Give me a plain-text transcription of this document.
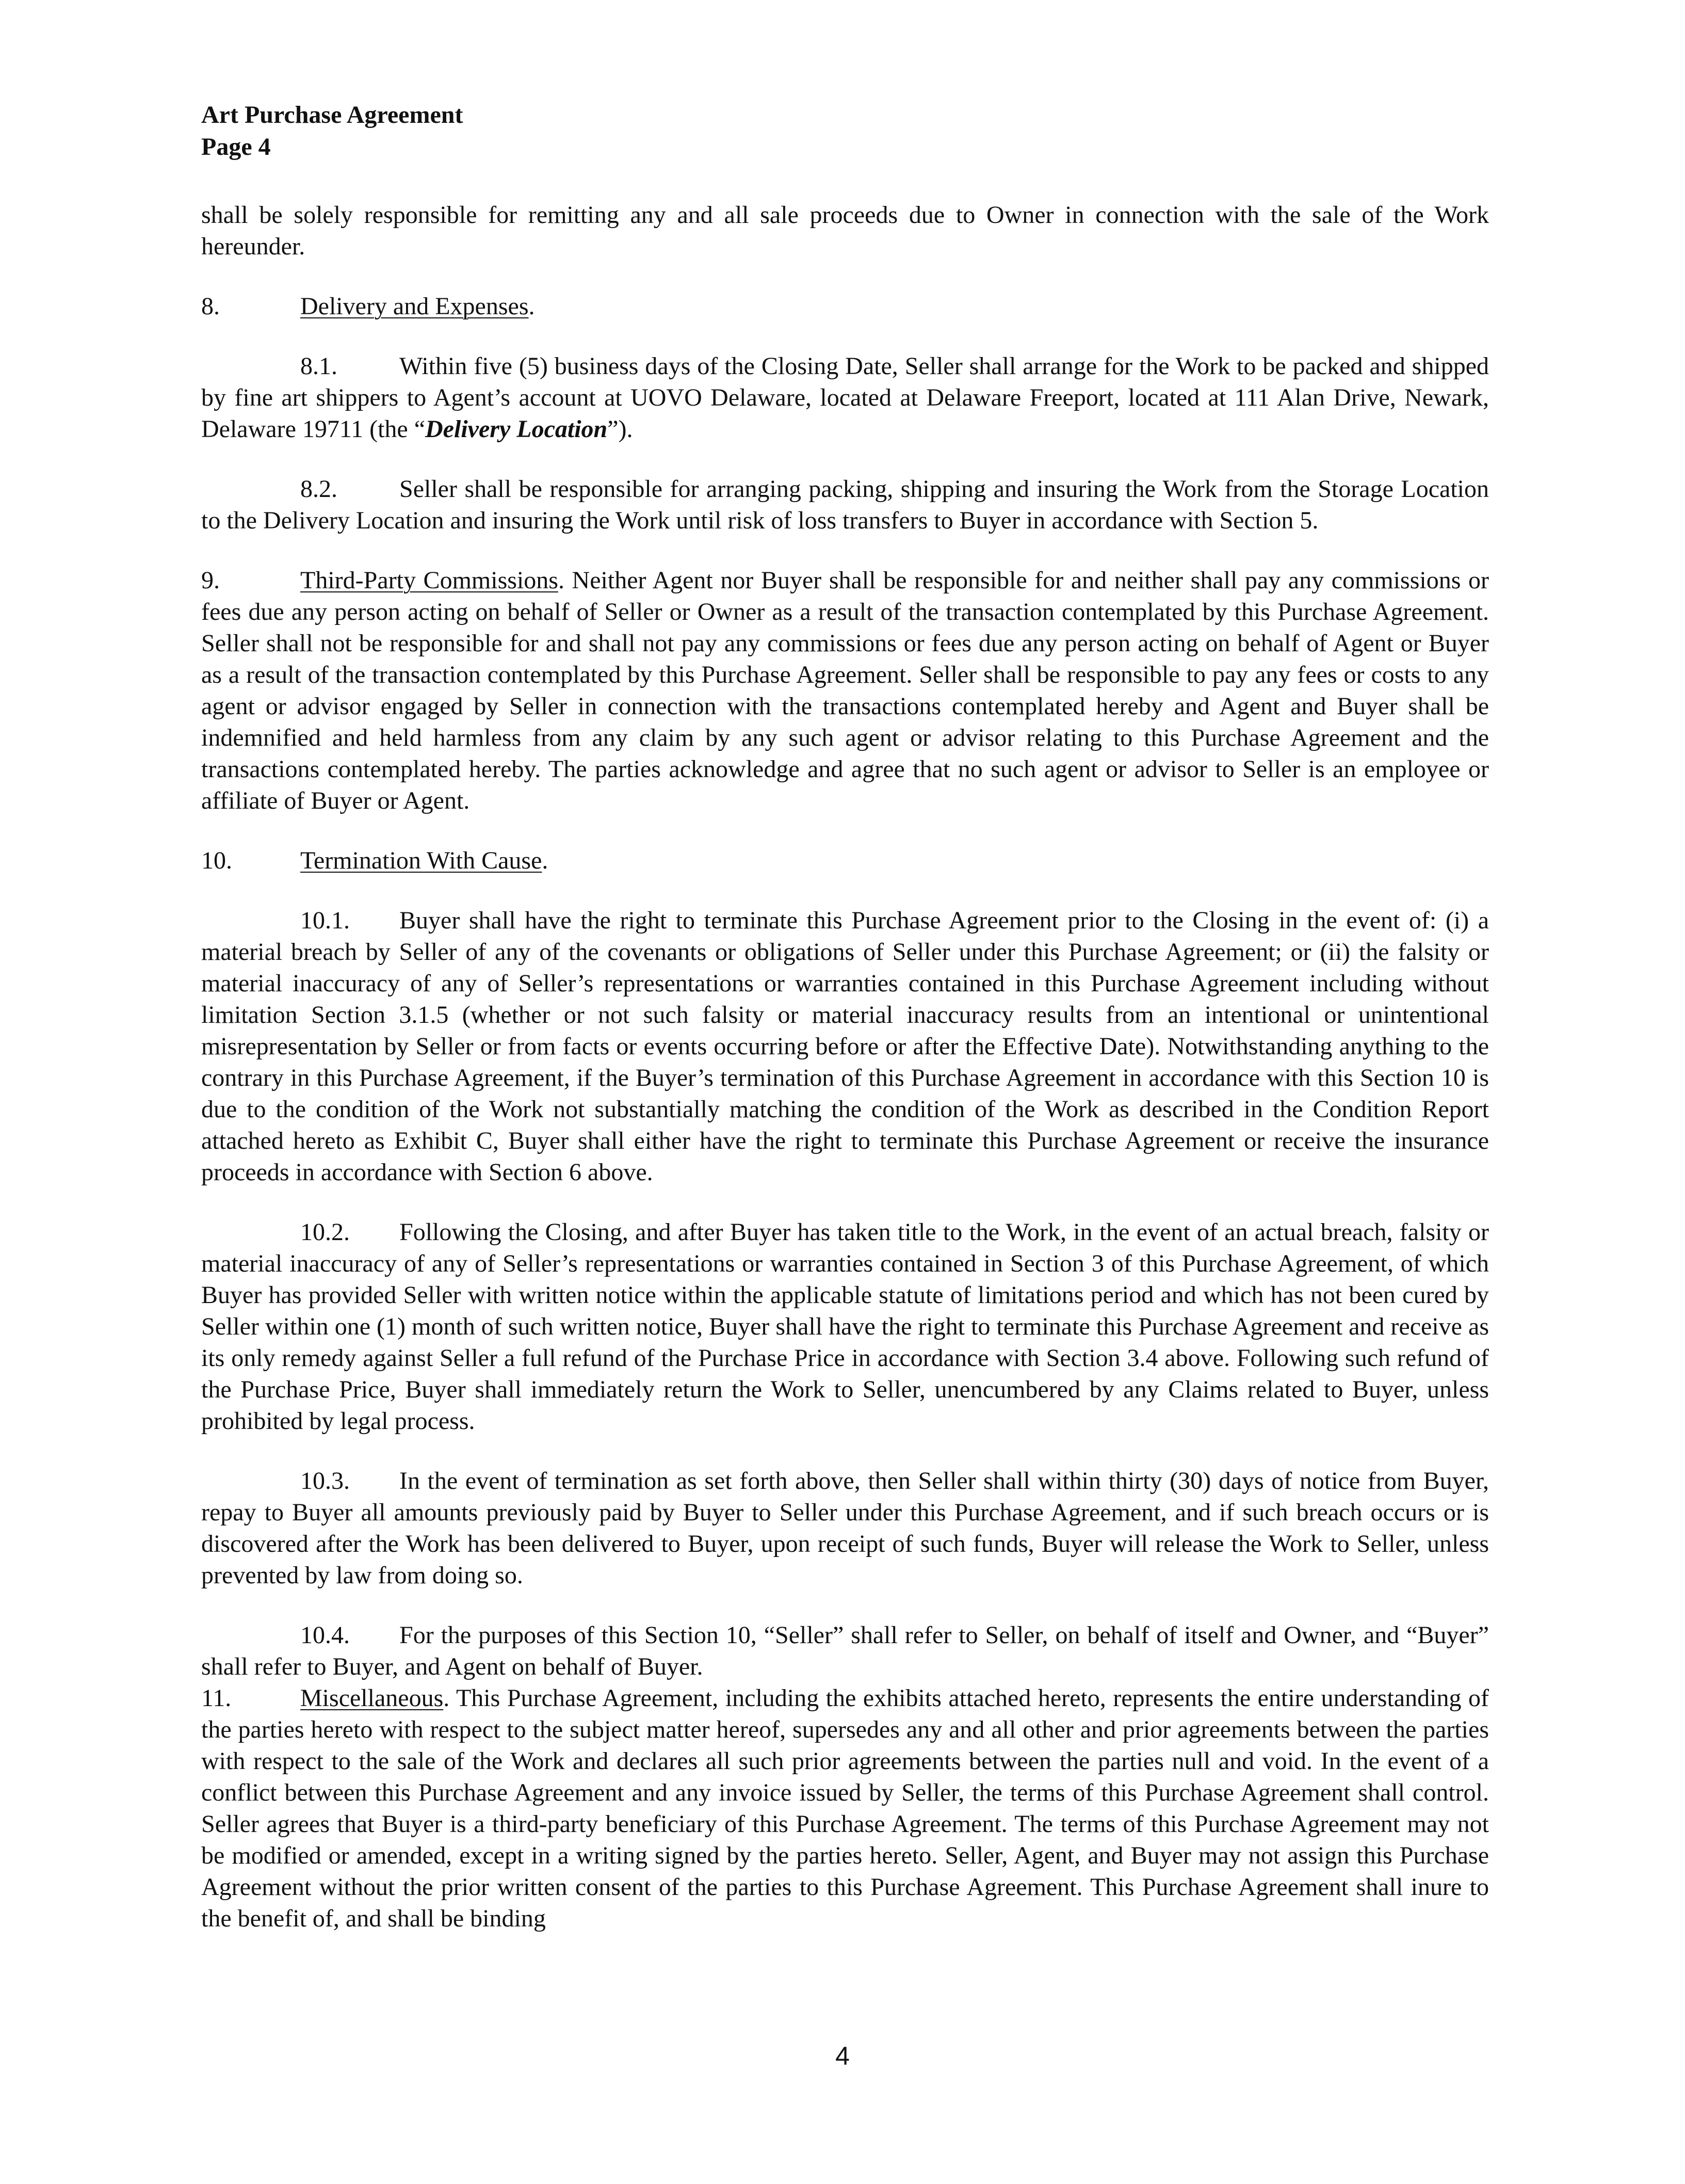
Art Purchase Agreement
Page 4

shall be solely responsible for remitting any and all sale proceeds due to Owner in connection with the sale of the Work hereunder.

8.	Delivery and Expenses.

8.1.	Within five (5) business days of the Closing Date, Seller shall arrange for the Work to be packed and shipped by fine art shippers to Agent’s account at UOVO Delaware, located at Delaware Freeport, located at 111 Alan Drive, Newark, Delaware 19711 (the “Delivery Location”).

8.2.	Seller shall be responsible for arranging packing, shipping and insuring the Work from the Storage Location to the Delivery Location and insuring the Work until risk of loss transfers to Buyer in accordance with Section 5.

9.	Third-Party Commissions. Neither Agent nor Buyer shall be responsible for and neither shall pay any commissions or fees due any person acting on behalf of Seller or Owner as a result of the transaction contemplated by this Purchase Agreement. Seller shall not be responsible for and shall not pay any commissions or fees due any person acting on behalf of Agent or Buyer as a result of the transaction contemplated by this Purchase Agreement. Seller shall be responsible to pay any fees or costs to any agent or advisor engaged by Seller in connection with the transactions contemplated hereby and Agent and Buyer shall be indemnified and held harmless from any claim by any such agent or advisor relating to this Purchase Agreement and the transactions contemplated hereby. The parties acknowledge and agree that no such agent or advisor to Seller is an employee or affiliate of Buyer or Agent.

10.	Termination With Cause.

10.1. Buyer shall have the right to terminate this Purchase Agreement prior to the Closing in the event of: (i) a material breach by Seller of any of the covenants or obligations of Seller under this Purchase Agreement; or (ii) the falsity or material inaccuracy of any of Seller’s representations or warranties contained in this Purchase Agreement including without limitation Section 3.1.5 (whether or not such falsity or material inaccuracy results from an intentional or unintentional misrepresentation by Seller or from facts or events occurring before or after the Effective Date). Notwithstanding anything to the contrary in this Purchase Agreement, if the Buyer’s termination of this Purchase Agreement in accordance with this Section 10 is due to the condition of the Work not substantially matching the condition of the Work as described in the Condition Report attached hereto as Exhibit C, Buyer shall either have the right to terminate this Purchase Agreement or receive the insurance proceeds in accordance with Section 6 above.

10.2. Following the Closing, and after Buyer has taken title to the Work, in the event of an actual breach, falsity or material inaccuracy of any of Seller’s representations or warranties contained in Section 3 of this Purchase Agreement, of which Buyer has provided Seller with written notice within the applicable statute of limitations period and which has not been cured by Seller within one (1) month of such written notice, Buyer shall have the right to terminate this Purchase Agreement and receive as its only remedy against Seller a full refund of the Purchase Price in accordance with Section 3.4 above. Following such refund of the Purchase Price, Buyer shall immediately return the Work to Seller, unencumbered by any Claims related to Buyer, unless prohibited by legal process.

10.3. In the event of termination as set forth above, then Seller shall within thirty (30) days of notice from Buyer, repay to Buyer all amounts previously paid by Buyer to Seller under this Purchase Agreement, and if such breach occurs or is discovered after the Work has been delivered to Buyer, upon receipt of such funds, Buyer will release the Work to Seller, unless prevented by law from doing so.

10.4. For the purposes of this Section 10, “Seller” shall refer to Seller, on behalf of itself and Owner, and “Buyer” shall refer to Buyer, and Agent on behalf of Buyer.

11.	Miscellaneous. This Purchase Agreement, including the exhibits attached hereto, represents the entire understanding of the parties hereto with respect to the subject matter hereof, supersedes any and all other and prior agreements between the parties with respect to the sale of the Work and declares all such prior agreements between the parties null and void. In the event of a conflict between this Purchase Agreement and any invoice issued by Seller, the terms of this Purchase Agreement shall control. Seller agrees that Buyer is a third-party beneficiary of this Purchase Agreement. The terms of this Purchase Agreement may not be modified or amended, except in a writing signed by the parties hereto. Seller, Agent, and Buyer may not assign this Purchase Agreement without the prior written consent of the parties to this Purchase Agreement. This Purchase Agreement shall inure to the benefit of, and shall be binding

4
